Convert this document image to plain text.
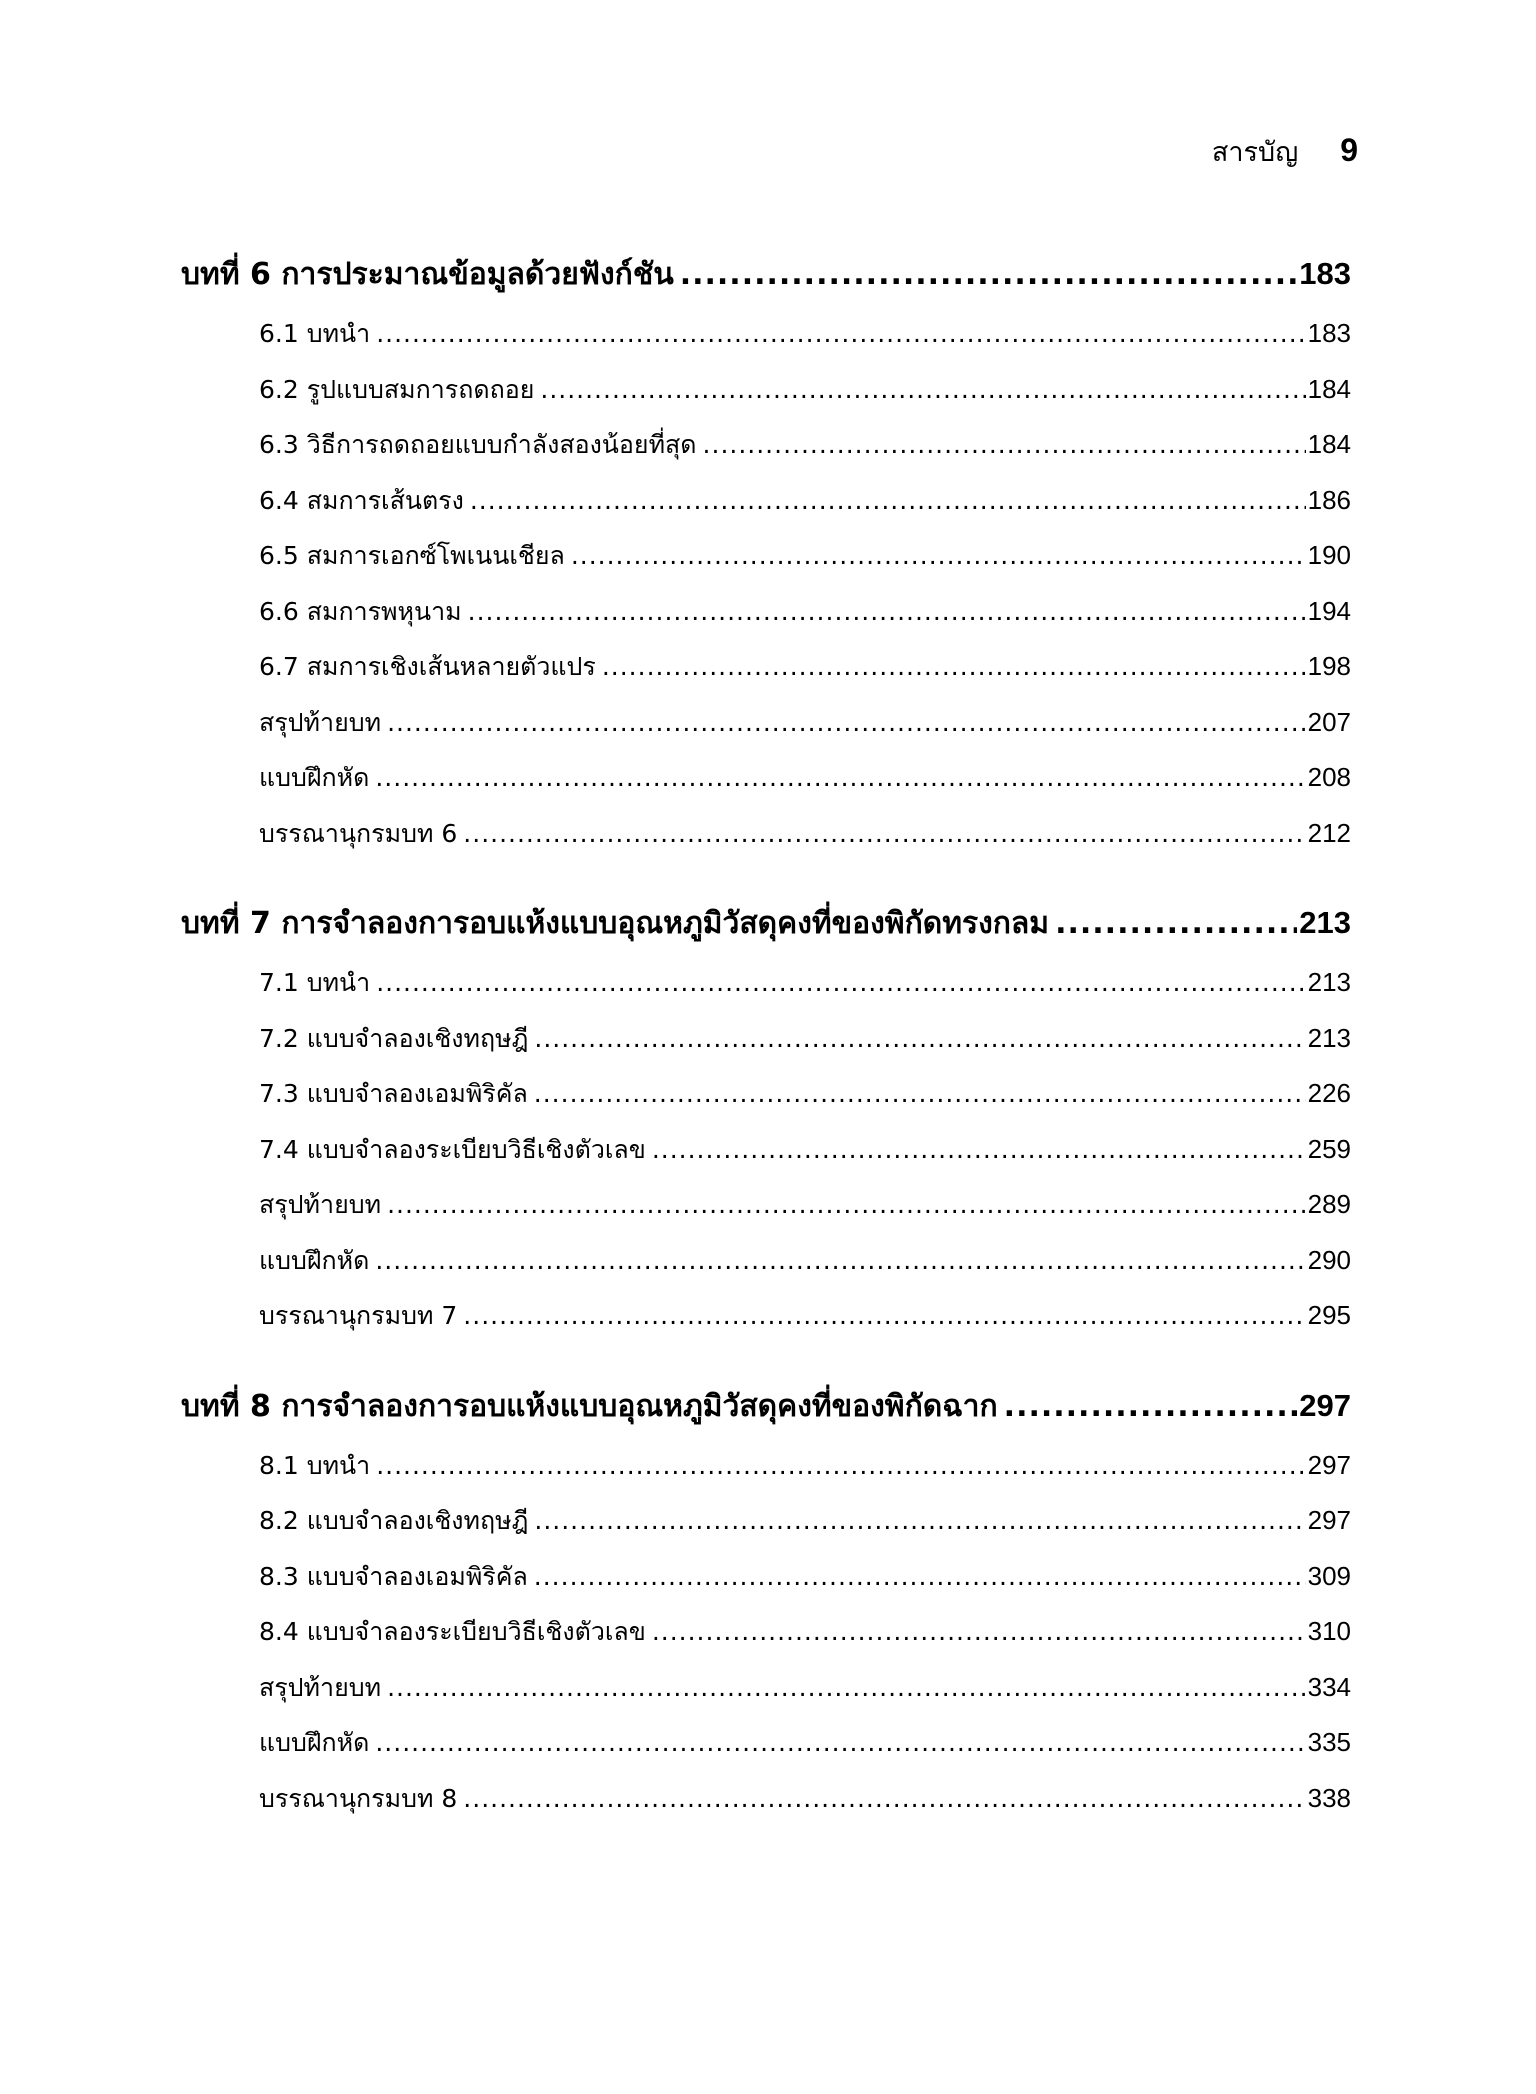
สารบัญ 9
บทที่ 6 การประมาณข้อมูลด้วยฟังก์ชัน .....	183
6.1 บทนำ .....	183
6.2 รูปแบบสมการถดถอย .....	184
6.3 วิธีการถดถอยแบบกำลังสองน้อยที่สุด .....	184
6.4 สมการเส้นตรง .....	186
6.5 สมการเอกซ์โพเนนเชียล .....	190
6.6 สมการพหุนาม .....	194
6.7 สมการเชิงเส้นหลายตัวแปร .....	198
สรุปท้ายบท .....	207
แบบฝึกหัด .....	208
บรรณานุกรมบท 6 .....	212
บทที่ 7 การจำลองการอบแห้งแบบอุณหภูมิวัสดุคงที่ของพิกัดทรงกลม .....	213
7.1 บทนำ .....	213
7.2 แบบจำลองเชิงทฤษฎี .....	213
7.3 แบบจำลองเอมพิริคัล .....	226
7.4 แบบจำลองระเบียบวิธีเชิงตัวเลข .....	259
สรุปท้ายบท .....	289
แบบฝึกหัด .....	290
บรรณานุกรมบท 7 .....	295
บทที่ 8 การจำลองการอบแห้งแบบอุณหภูมิวัสดุคงที่ของพิกัดฉาก .....	297
8.1 บทนำ .....	297
8.2 แบบจำลองเชิงทฤษฎี .....	297
8.3 แบบจำลองเอมพิริคัล .....	309
8.4 แบบจำลองระเบียบวิธีเชิงตัวเลข .....	310
สรุปท้ายบท .....	334
แบบฝึกหัด .....	335
บรรณานุกรมบท 8 .....	338
